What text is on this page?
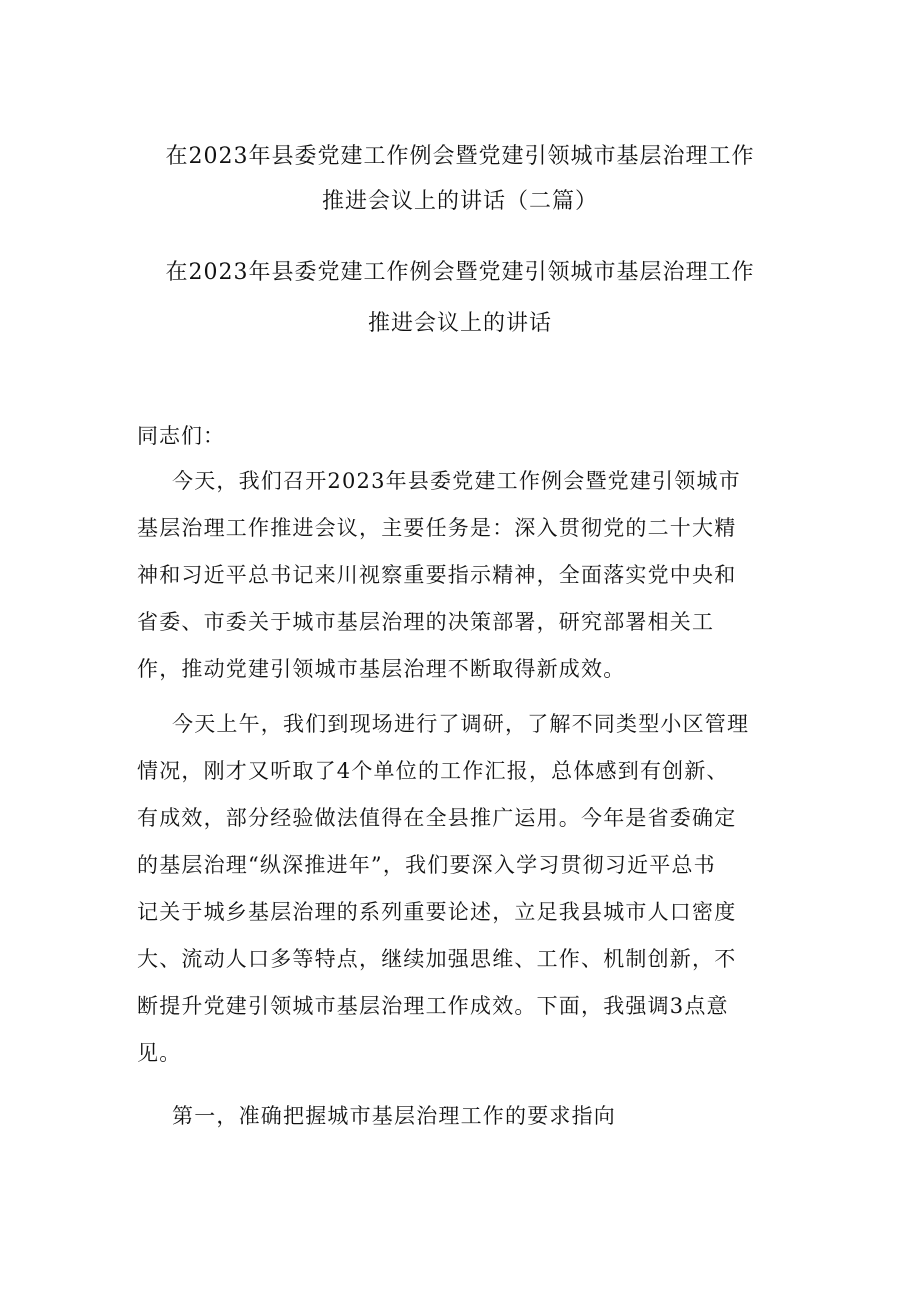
在2023年县委党建工作例会暨党建引领城市基层治理工作
推进会议上的讲话（二篇）
在2023年县委党建工作例会暨党建引领城市基层治理工作
推进会议上的讲话
同志们：
今天，我们召开2023年县委党建工作例会暨党建引领城市
基层治理工作推进会议，主要任务是：深入贯彻党的二十大精
神和习近平总书记来川视察重要指示精神，全面落实党中央和
省委、市委关于城市基层治理的决策部署，研究部署相关工
作，推动党建引领城市基层治理不断取得新成效。
今天上午，我们到现场进行了调研，了解不同类型小区管理
情况，刚才又听取了4个单位的工作汇报，总体感到有创新、
有成效，部分经验做法值得在全县推广运用。今年是省委确定
的基层治理“纵深推进年”，我们要深入学习贯彻习近平总书
记关于城乡基层治理的系列重要论述，立足我县城市人口密度
大、流动人口多等特点，继续加强思维、工作、机制创新，不
断提升党建引领城市基层治理工作成效。下面，我强调3点意
见。
第一，准确把握城市基层治理工作的要求指向
